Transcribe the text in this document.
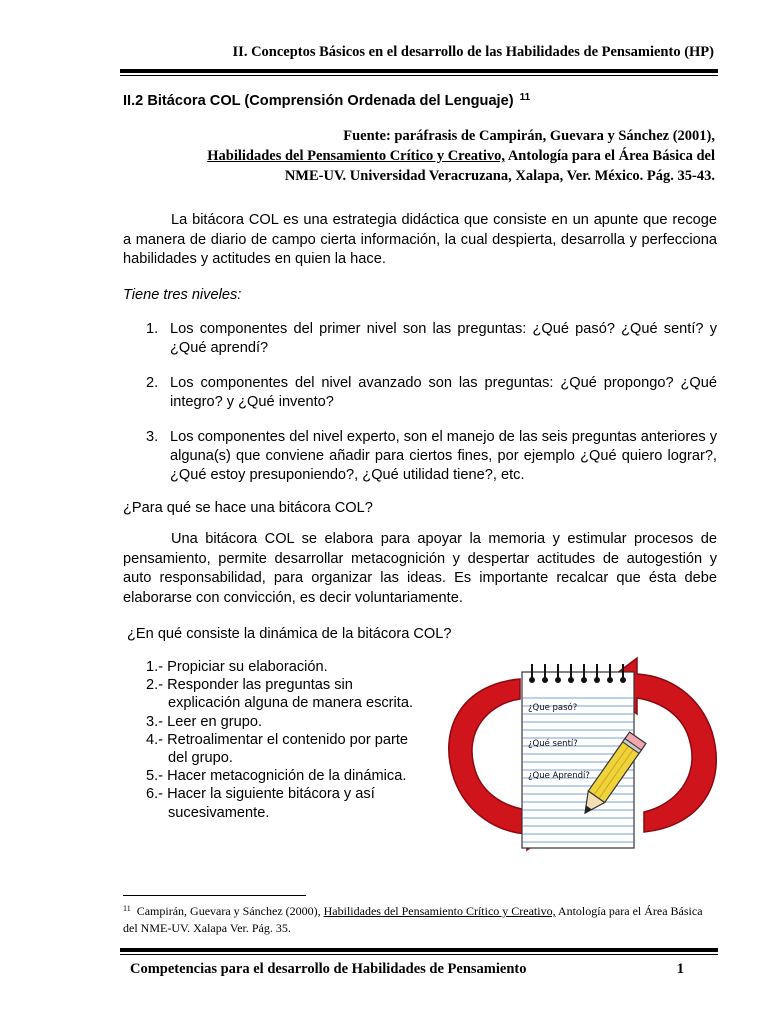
II. Conceptos Básicos en el desarrollo de las Habilidades de Pensamiento (HP)
II.2 Bitácora COL (Comprensión Ordenada del Lenguaje) $^{11}$
Fuente: paráfrasis de Campirán, Guevara y Sánchez (2001),
Habilidades del Pensamiento Crítico y Creativo, Antología para el Área Básica del
NME-UV. Universidad Veracruzana, Xalapa, Ver. México. Pág. 35-43.
La bitácora COL es una estrategia didáctica que consiste en un apunte que recoge a manera de diario de campo cierta información, la cual despierta, desarrolla y perfecciona habilidades y actitudes en quien la hace.
Tiene tres niveles:
1. Los componentes del primer nivel son las preguntas: ¿Qué pasó? ¿Qué sentí? y ¿Qué aprendí?
2. Los componentes del nivel avanzado son las preguntas: ¿Qué propongo? ¿Qué integro? y ¿Qué invento?
3. Los componentes del nivel experto, son el manejo de las seis preguntas anteriores y alguna(s) que conviene añadir para ciertos fines, por ejemplo ¿Qué quiero lograr?, ¿Qué estoy presuponiendo?, ¿Qué utilidad tiene?, etc.
¿Para qué se hace una bitácora COL?
Una bitácora COL se elabora para apoyar la memoria y estimular procesos de pensamiento, permite desarrollar metacognición y despertar actitudes de autogestión y auto responsabilidad, para organizar las ideas. Es importante recalcar que ésta debe elaborarse con convicción, es decir voluntariamente.
¿En qué consiste la dinámica de la bitácora COL?
1.- Propiciar su elaboración.
2.- Responder las preguntas sin
explicación alguna de manera escrita.
3.- Leer en grupo.
4.- Retroalimentar el contenido por parte
del grupo.
5.- Hacer metacognición de la dinámica.
6.- Hacer la siguiente bitácora y así
sucesivamente.
¿Que pasó?
¿Qué sentí?
¿Que Aprendí?
$^{11}$ Campirán, Guevara y Sánchez (2000), Habilidades del Pensamiento Crítico y Creativo, Antología para el Área Básica del NME-UV. Xalapa Ver. Pág. 35.
Competencias para el desarrollo de Habilidades de Pensamiento	1
